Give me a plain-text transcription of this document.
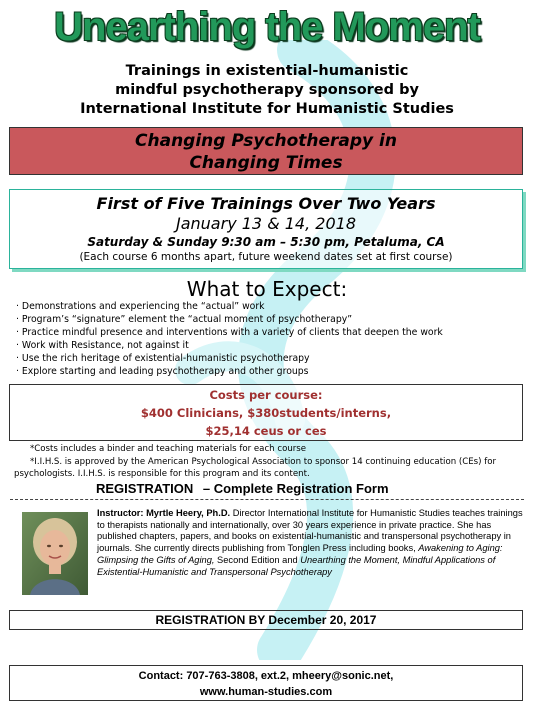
Unearthing the Moment
Trainings in existential-humanistic
mindful psychotherapy sponsored by
International Institute for Humanistic Studies
Changing Psychotherapy in
Changing Times
First of Five Trainings Over Two Years
January 13 & 14, 2018
Saturday & Sunday 9:30 am – 5:30 pm, Petaluma, CA
(Each course 6 months apart, future weekend dates set at first course)
What to Expect:
· Demonstrations and experiencing the “actual” work
· Program’s “signature” element the “actual moment of psychotherapy”
· Practice mindful presence and interventions with a variety of clients that deepen the work
· Work with Resistance, not against it
· Use the rich heritage of existential-humanistic psychotherapy
· Explore starting and leading psychotherapy and other groups
Costs per course:
$400 Clinicians, $380students/interns,
$25,14 ceus or ces
*Costs includes a binder and teaching materials for each course
*I.I.H.S. is approved by the American Psychological Association to sponsor 14 continuing education (CEs) for psychologists. I.I.H.S. is responsible for this program and its content.
REGISTRATION – Complete Registration Form
Instructor: Myrtle Heery, Ph.D. Director International Institute for Humanistic Studies teaches trainings to therapists nationally and internationally, over 30 years experience in private practice. She has published chapters, papers, and books on existential-humanistic and transpersonal psychotherapy in journals. She currently directs publishing from Tonglen Press including books, Awakening to Aging: Glimpsing the Gifts of Aging, Second Edition and Unearthing the Moment, Mindful Applications of Existential-Humanistic and Transpersonal Psychotherapy
REGISTRATION BY December 20, 2017
Contact: 707-763-3808, ext.2, mheery@sonic.net,
www.human-studies.com
